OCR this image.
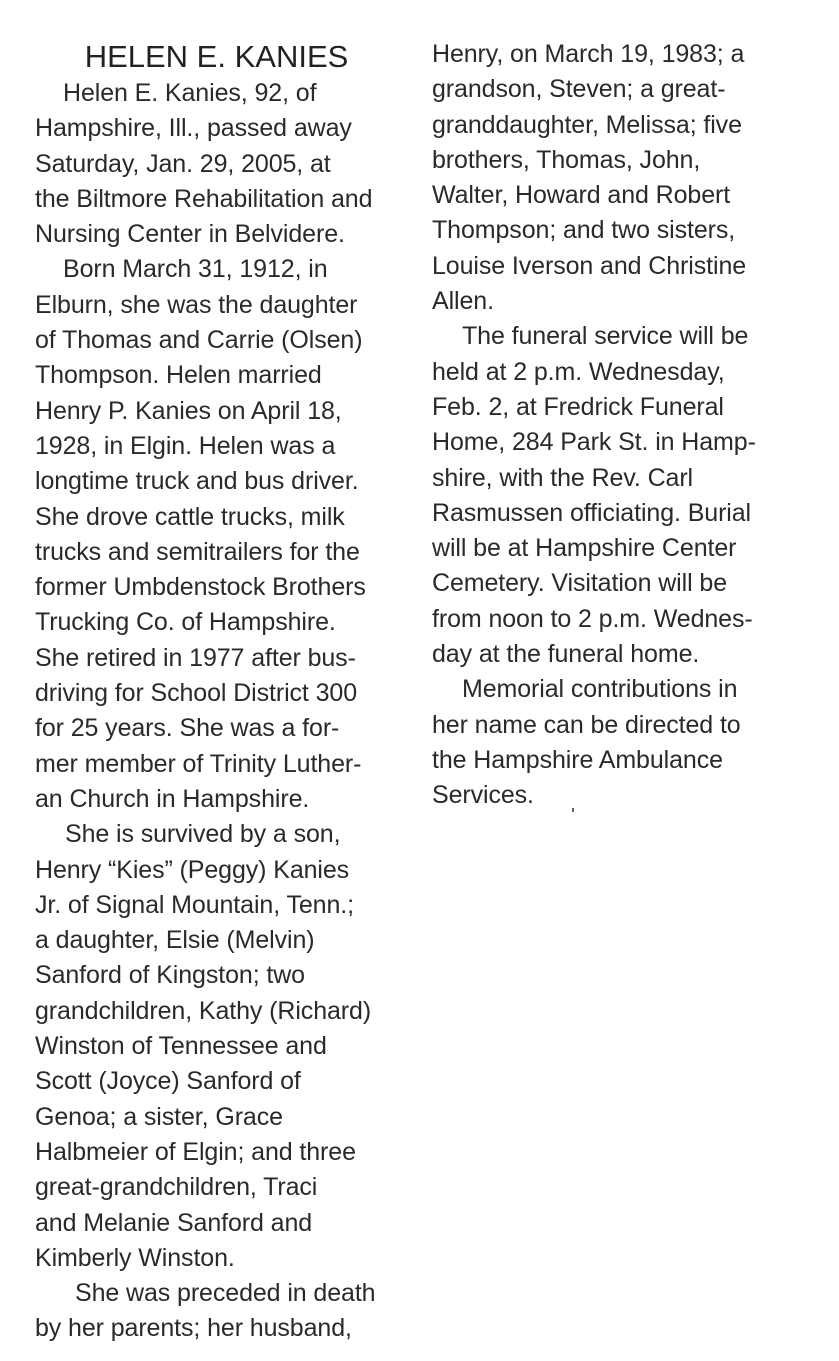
HELEN E. KANIES
Helen E. Kanies, 92, of
Hampshire, Ill., passed away
Saturday, Jan. 29, 2005, at
the Biltmore Rehabilitation and
Nursing Center in Belvidere.
Born March 31, 1912, in
Elburn, she was the daughter
of Thomas and Carrie (Olsen)
Thompson. Helen married
Henry P. Kanies on April 18,
1928, in Elgin. Helen was a
longtime truck and bus driver.
She drove cattle trucks, milk
trucks and semitrailers for the
former Umbdenstock Brothers
Trucking Co. of Hampshire.
She retired in 1977 after bus-
driving for School District 300
for 25 years. She was a for-
mer member of Trinity Luther-
an Church in Hampshire.
She is survived by a son,
Henry “Kies” (Peggy) Kanies
Jr. of Signal Mountain, Tenn.;
a daughter, Elsie (Melvin)
Sanford of Kingston; two
grandchildren, Kathy (Richard)
Winston of Tennessee and
Scott (Joyce) Sanford of
Genoa; a sister, Grace
Halbmeier of Elgin; and three
great-grandchildren, Traci
and Melanie Sanford and
Kimberly Winston.
She was preceded in death
by her parents; her husband,
Henry, on March 19, 1983; a
grandson, Steven; a great-
granddaughter, Melissa; five
brothers, Thomas, John,
Walter, Howard and Robert
Thompson; and two sisters,
Louise Iverson and Christine
Allen.
The funeral service will be
held at 2 p.m. Wednesday,
Feb. 2, at Fredrick Funeral
Home, 284 Park St. in Hamp-
shire, with the Rev. Carl
Rasmussen officiating. Burial
will be at Hampshire Center
Cemetery. Visitation will be
from noon to 2 p.m. Wednes-
day at the funeral home.
Memorial contributions in
her name can be directed to
the Hampshire Ambulance
Services.
